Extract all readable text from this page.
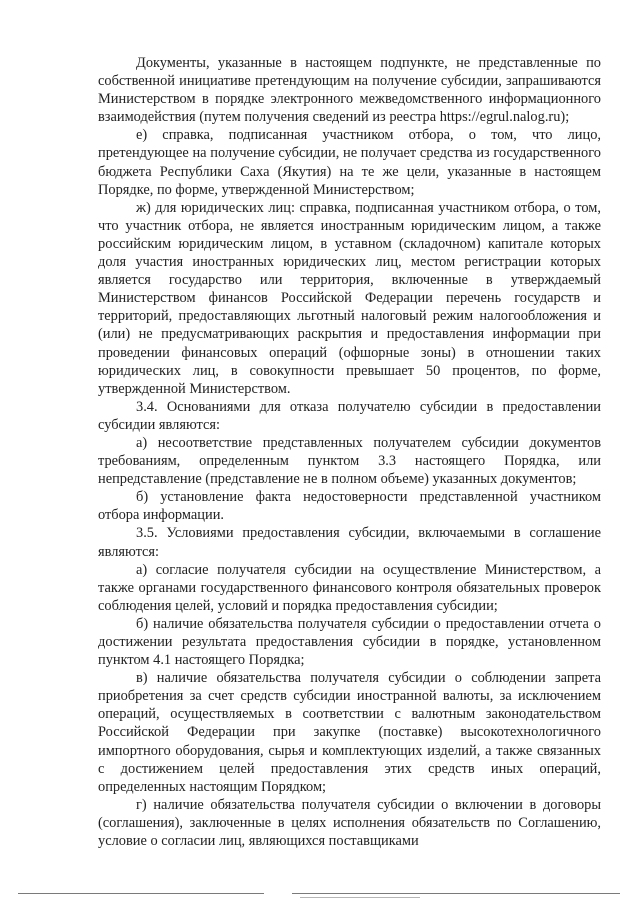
Документы, указанные в настоящем подпункте, не представленные по собственной инициативе претендующим на получение субсидии, запрашиваются Министерством в порядке электронного межведомственного информационного взаимодействия (путем получения сведений из реестра https://egrul.nalog.ru);

е) справка, подписанная участником отбора, о том, что лицо, претендующее на получение субсидии, не получает средства из государственного бюджета Республики Саха (Якутия) на те же цели, указанные в настоящем Порядке, по форме, утвержденной Министерством;

ж) для юридических лиц: справка, подписанная участником отбора, о том, что участник отбора, не является иностранным юридическим лицом, а также российским юридическим лицом, в уставном (складочном) капитале которых доля участия иностранных юридических лиц, местом регистрации которых является государство или территория, включенные в утверждаемый Министерством финансов Российской Федерации перечень государств и территорий, предоставляющих льготный налоговый режим налогообложения и (или) не предусматривающих раскрытия и предоставления информации при проведении финансовых операций (офшорные зоны) в отношении таких юридических лиц, в совокупности превышает 50 процентов, по форме, утвержденной Министерством.

3.4. Основаниями для отказа получателю субсидии в предоставлении субсидии являются:

а) несоответствие представленных получателем субсидии документов требованиям, определенным пунктом 3.3 настоящего Порядка, или непредставление (представление не в полном объеме) указанных документов;

б) установление факта недостоверности представленной участником отбора информации.

3.5. Условиями предоставления субсидии, включаемыми в соглашение являются:

а) согласие получателя субсидии на осуществление Министерством, а также органами государственного финансового контроля обязательных проверок соблюдения целей, условий и порядка предоставления субсидии;

б) наличие обязательства получателя субсидии о предоставлении отчета о достижении результата предоставления субсидии в порядке, установленном пунктом 4.1 настоящего Порядка;

в) наличие обязательства получателя субсидии о соблюдении запрета приобретения за счет средств субсидии иностранной валюты, за исключением операций, осуществляемых в соответствии с валютным законодательством Российской Федерации при закупке (поставке) высокотехнологичного импортного оборудования, сырья и комплектующих изделий, а также связанных с достижением целей предоставления этих средств иных операций, определенных настоящим Порядком;

г) наличие обязательства получателя субсидии о включении в договоры (соглашения), заключенные в целях исполнения обязательств по Соглашению, условие о согласии лиц, являющихся поставщиками
